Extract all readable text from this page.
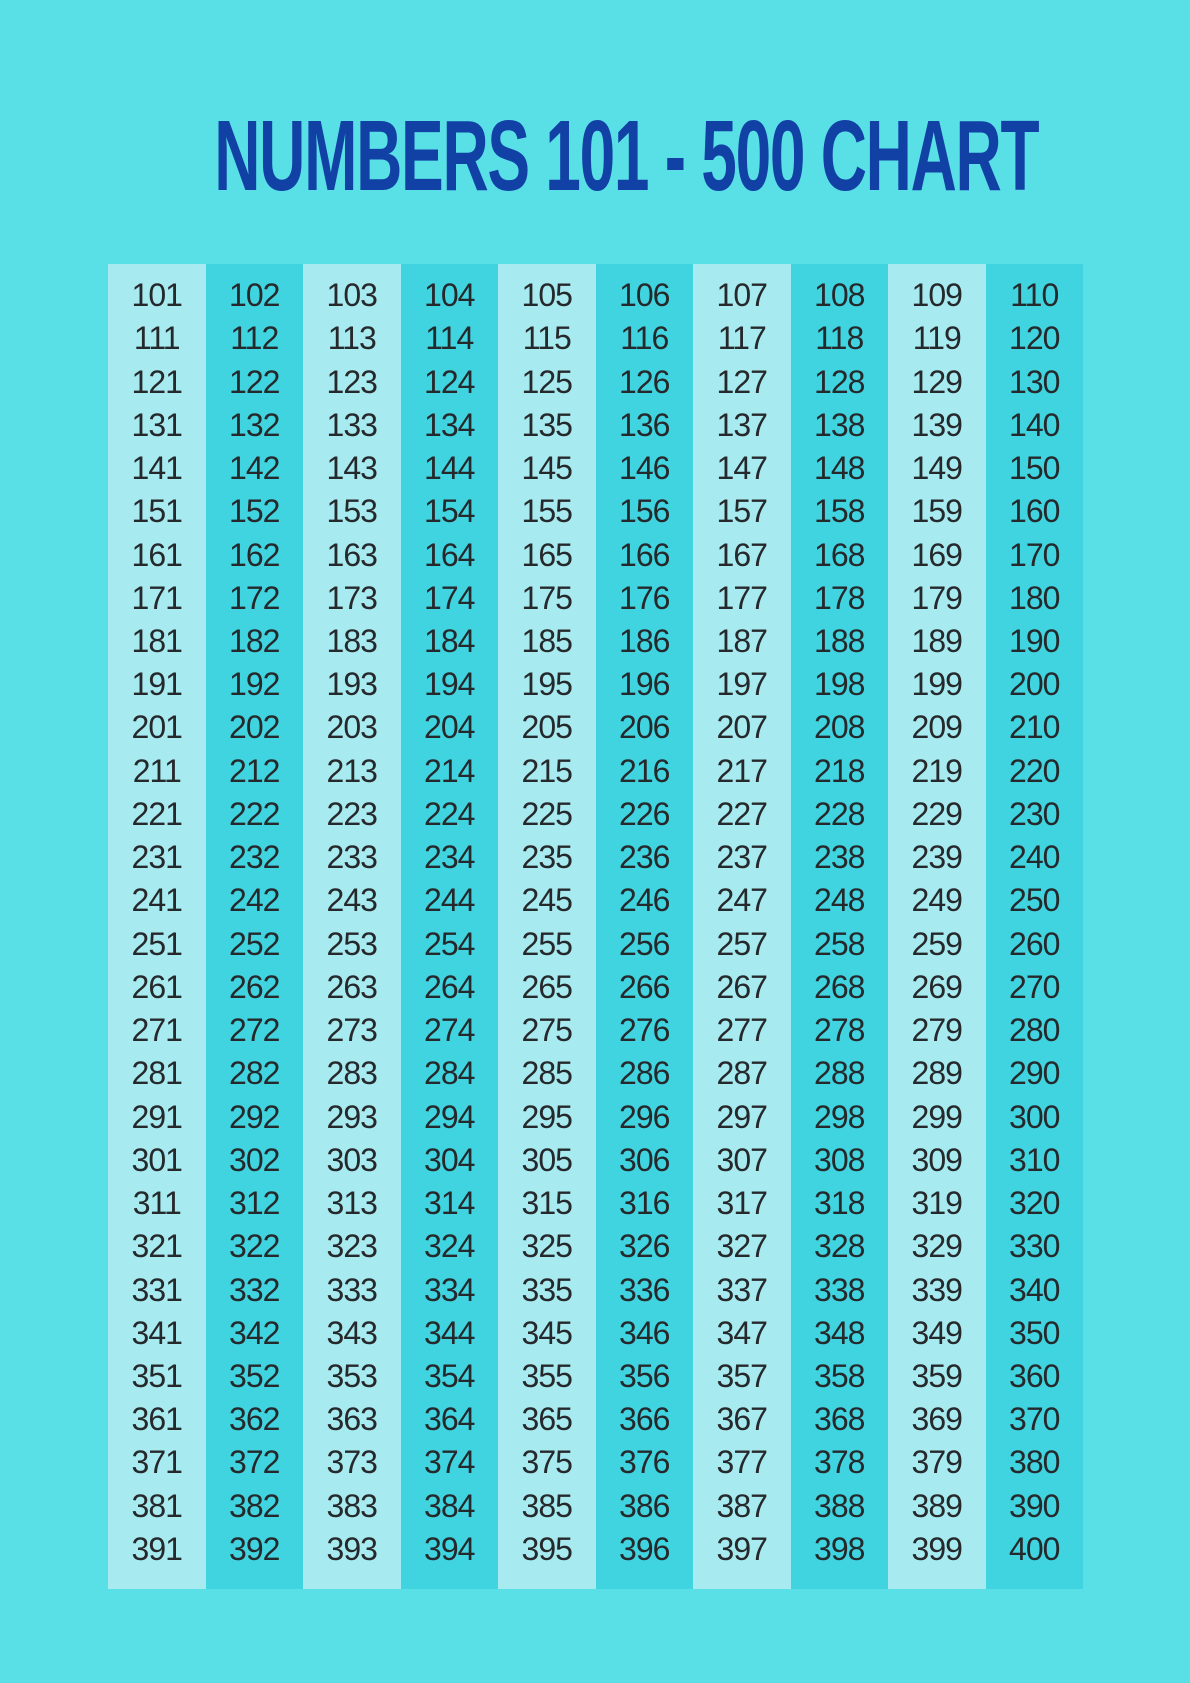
NUMBERS 101 - 500 CHART
101
111
121
131
141
151
161
171
181
191
201
211
221
231
241
251
261
271
281
291
301
311
321
331
341
351
361
371
381
391
102
112
122
132
142
152
162
172
182
192
202
212
222
232
242
252
262
272
282
292
302
312
322
332
342
352
362
372
382
392
103
113
123
133
143
153
163
173
183
193
203
213
223
233
243
253
263
273
283
293
303
313
323
333
343
353
363
373
383
393
104
114
124
134
144
154
164
174
184
194
204
214
224
234
244
254
264
274
284
294
304
314
324
334
344
354
364
374
384
394
105
115
125
135
145
155
165
175
185
195
205
215
225
235
245
255
265
275
285
295
305
315
325
335
345
355
365
375
385
395
106
116
126
136
146
156
166
176
186
196
206
216
226
236
246
256
266
276
286
296
306
316
326
336
346
356
366
376
386
396
107
117
127
137
147
157
167
177
187
197
207
217
227
237
247
257
267
277
287
297
307
317
327
337
347
357
367
377
387
397
108
118
128
138
148
158
168
178
188
198
208
218
228
238
248
258
268
278
288
298
308
318
328
338
348
358
368
378
388
398
109
119
129
139
149
159
169
179
189
199
209
219
229
239
249
259
269
279
289
299
309
319
329
339
349
359
369
379
389
399
110
120
130
140
150
160
170
180
190
200
210
220
230
240
250
260
270
280
290
300
310
320
330
340
350
360
370
380
390
400
